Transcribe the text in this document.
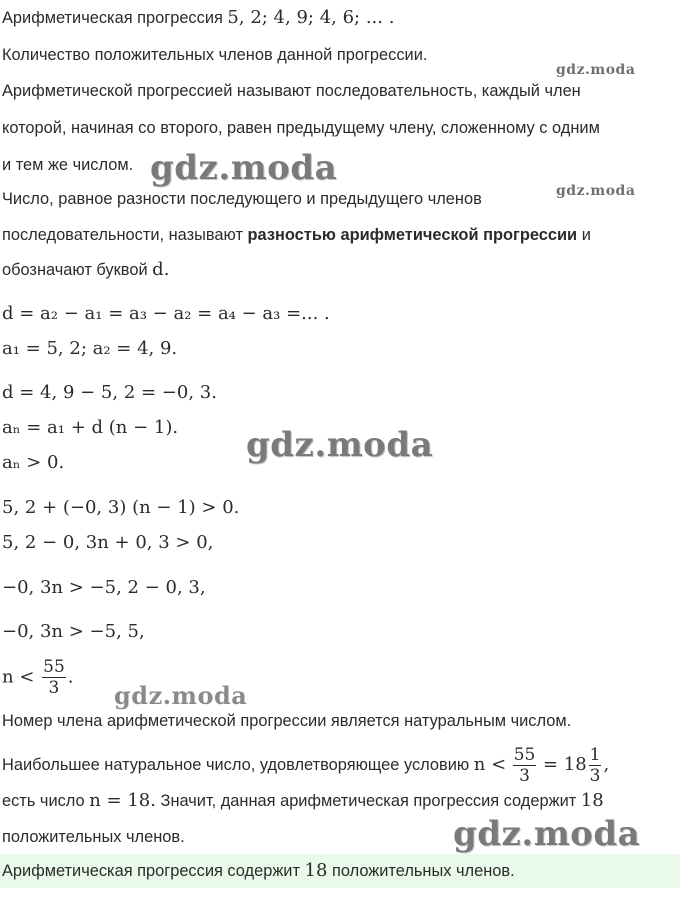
Арифметическая прогрессия 5, 2; 4, 9; 4, 6; ... .
Количество положительных членов данной прогрессии.
Арифметической прогрессией называют последовательность, каждый член
которой, начиная со второго, равен предыдущему члену, сложенному с одним
и тем же числом.
Число, равное разности последующего и предыдущего членов
последовательности, называют разностью арифметической прогрессии и
обозначают буквой d.
d = a₂ − a₁ = a₃ − a₂ = a₄ − a₃ =... .
a₁ = 5, 2; a₂ = 4, 9.
d = 4, 9 − 5, 2 = −0, 3.
aₙ = a₁ + d (n − 1).
aₙ > 0.
5, 2 + (−0, 3) (n − 1) > 0.
5, 2 − 0, 3n + 0, 3 > 0,
−0, 3n > −5, 2 − 0, 3,
−0, 3n > −5, 5,
$n < \frac{55}{3}$ .
Номер члена арифметической прогрессии является натуральным числом.
Наибольшее натуральное число, удовлетворяющее условию $n < \frac{55}{3} = 18 \frac{1}{3}$ ,
есть число n = 18. Значит, данная арифметическая прогрессия содержит 18
положительных членов.
Арифметическая прогрессия содержит 18 положительных членов.
gdz.moda
gdz.moda
gdz.moda
gdz.moda
gdz.moda
gdz.moda
